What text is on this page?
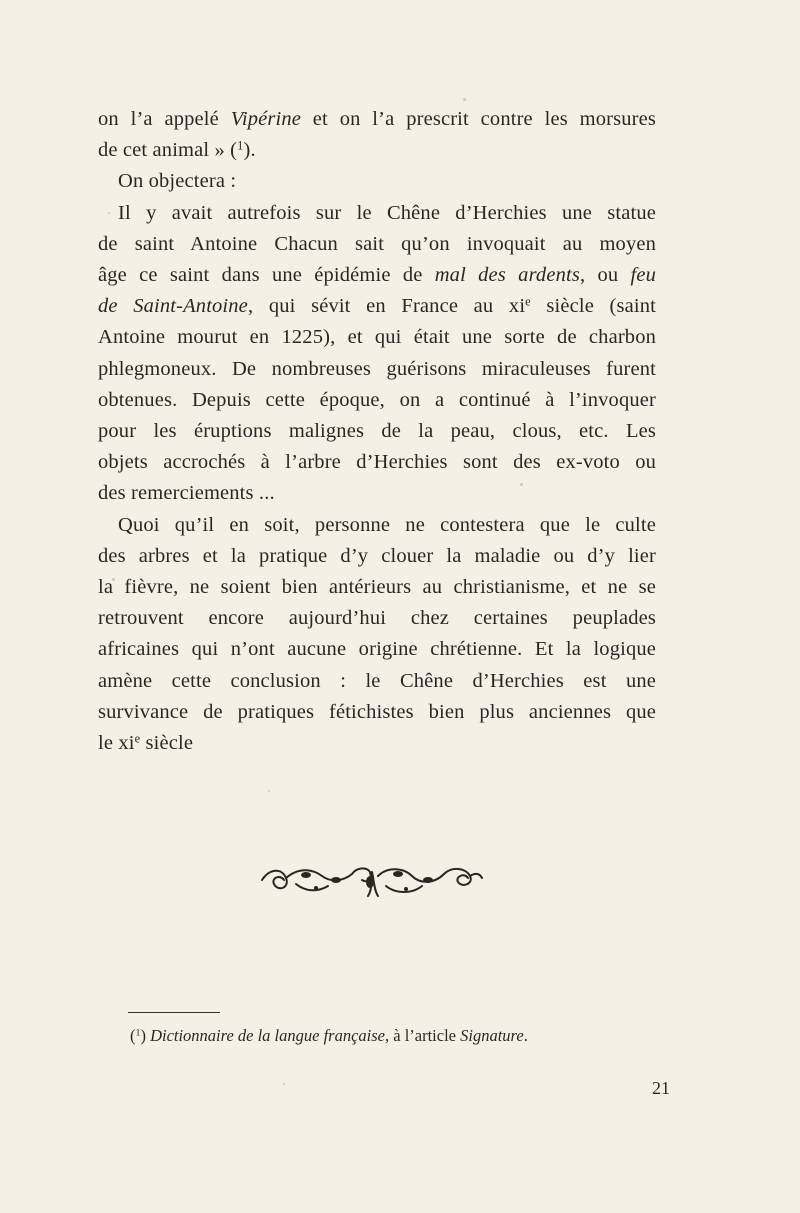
on l’a appelé Vipérine et on l’a prescrit contre les morsures
de cet animal » ($^1$).
On objectera :
Il y avait autrefois sur le Chêne d’Herchies une statue
de saint Antoine Chacun sait qu’on invoquait au moyen
âge ce saint dans une épidémie de mal des ardents, ou feu
de Saint-Antoine, qui sévit en France au $xi^e$ siècle (saint
Antoine mourut en 1225), et qui était une sorte de charbon
phlegmoneux. De nombreuses guérisons miraculeuses furent
obtenues. Depuis cette époque, on a continué à l’invoquer
pour les éruptions malignes de la peau, clous, etc. Les
objets accrochés à l’arbre d’Herchies sont des ex-voto ou
des remerciements ...
Quoi qu’il en soit, personne ne contestera que le culte
des arbres et la pratique d’y clouer la maladie ou d’y lier
la fièvre, ne soient bien antérieurs au christianisme, et ne se
retrouvent encore aujourd’hui chez certaines peuplades
africaines qui n’ont aucune origine chrétienne. Et la logique
amène cette conclusion : le Chêne d’Herchies est une
survivance de pratiques fétichistes bien plus anciennes que
le $xi^e$ siècle
($^1$) Dictionnaire de la langue française, à l’article Signature.
21
